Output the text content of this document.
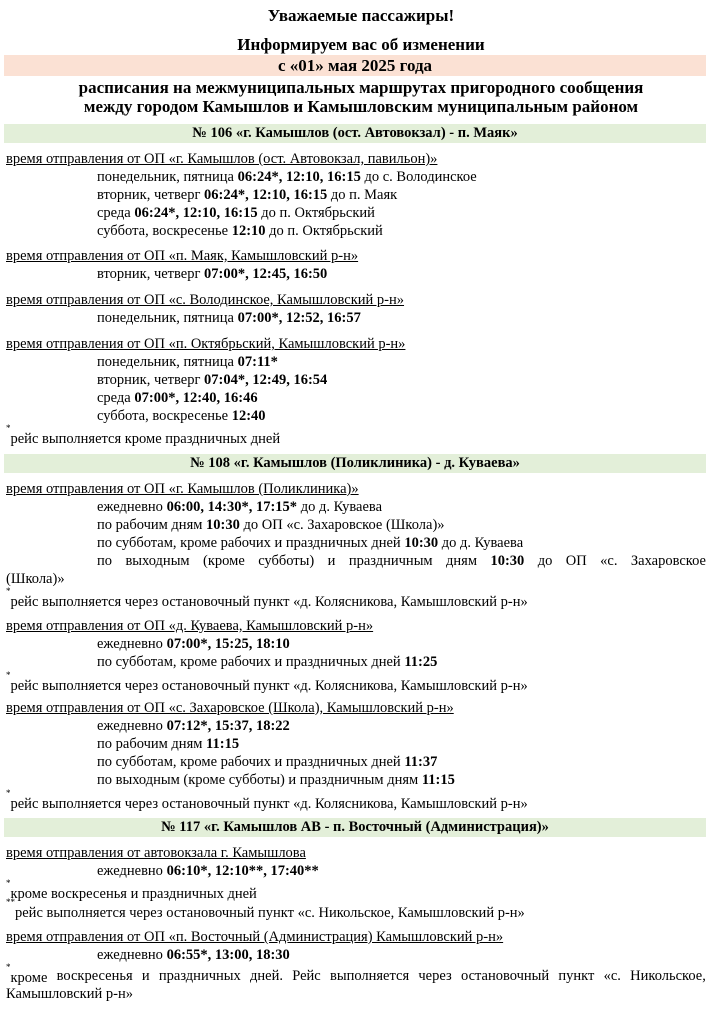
Уважаемые пассажиры!
Информируем вас об изменении
с «01» мая 2025 года
расписания на межмуниципальных маршрутах пригородного сообщения
между городом Камышлов и Камышловским муниципальным районом
№ 106 «г. Камышлов (ост. Автовокзал) - п. Маяк»
время отправления от ОП «г. Камышлов (ост. Автовокзал, павильон)»
понедельник, пятница 06:24*, 12:10, 16:15 до с. Володинское
вторник, четверг 06:24*, 12:10, 16:15 до п. Маяк
среда 06:24*, 12:10, 16:15 до п. Октябрьский
суббота, воскресенье 12:10 до п. Октябрьский
время отправления от ОП «п. Маяк, Камышловский р-н»
вторник, четверг 07:00*, 12:45, 16:50
время отправления от ОП «с. Володинское, Камышловский р-н»
понедельник, пятница 07:00*, 12:52, 16:57
время отправления от ОП «п. Октябрьский, Камышловский р-н»
понедельник, пятница 07:11*
вторник, четверг 07:04*, 12:49, 16:54
среда 07:00*, 12:40, 16:46
суббота, воскресенье 12:40
*рейс выполняется кроме праздничных дней
№ 108 «г. Камышлов (Поликлиника) - д. Куваева»
время отправления от ОП «г. Камышлов (Поликлиника)»
ежедневно 06:00, 14:30*, 17:15* до д. Куваева
по рабочим дням 10:30 до ОП «с. Захаровское (Школа)»
по субботам, кроме рабочих и праздничных дней 10:30 до д. Куваева
по выходным (кроме субботы) и праздничным дням 10:30 до ОП «с. Захаровское
(Школа)»
*рейс выполняется через остановочный пункт «д. Колясникова, Камышловский р-н»
время отправления от ОП «д. Куваева, Камышловский р-н»
ежедневно 07:00*, 15:25, 18:10
по субботам, кроме рабочих и праздничных дней 11:25
*рейс выполняется через остановочный пункт «д. Колясникова, Камышловский р-н»
время отправления от ОП «с. Захаровское (Школа), Камышловский р-н»
ежедневно 07:12*, 15:37, 18:22
по рабочим дням 11:15
по субботам, кроме рабочих и праздничных дней 11:37
по выходным (кроме субботы) и праздничным дням 11:15
*рейс выполняется через остановочный пункт «д. Колясникова, Камышловский р-н»
№ 117 «г. Камышлов АВ - п. Восточный (Администрация)»
время отправления от автовокзала г. Камышлова
ежедневно 06:10*, 12:10**, 17:40**
*кроме воскресенья и праздничных дней
**рейс выполняется через остановочный пункт «с. Никольское, Камышловский р-н»
время отправления от ОП «п. Восточный (Администрация) Камышловский р-н»
ежедневно 06:55*, 13:00, 18:30
*кроме воскресенья и праздничных дней. Рейс выполняется через остановочный пункт «с. Никольское,
Камышловский р-н»
